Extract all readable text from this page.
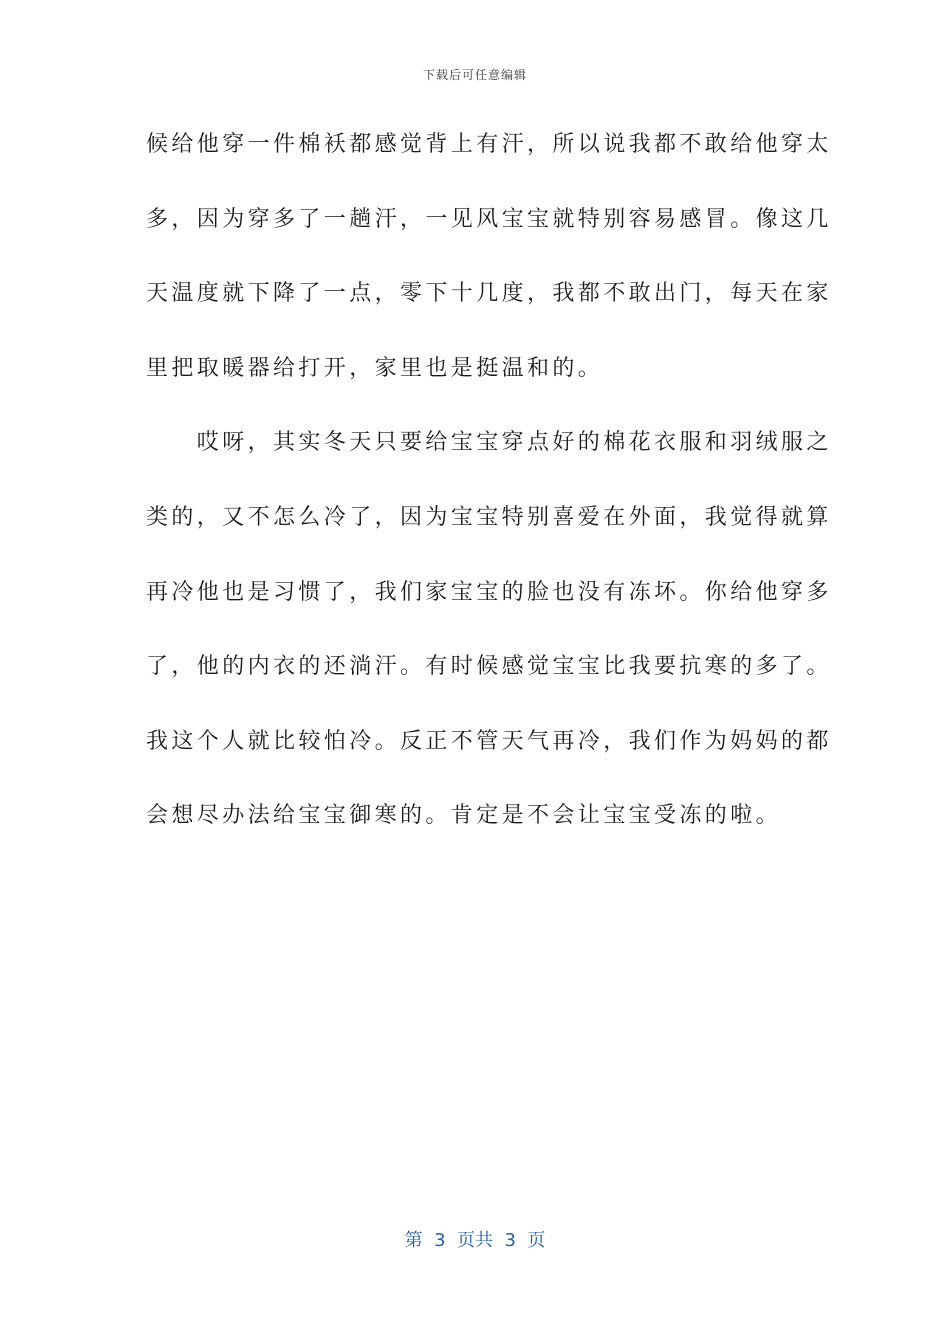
下载后可任意编辑
候给他穿一件棉袄都感觉背上有汗，所以说我都不敢给他穿太
多，因为穿多了一趟汗，一见风宝宝就特别容易感冒。像这几
天温度就下降了一点，零下十几度，我都不敢出门，每天在家
里把取暖器给打开，家里也是挺温和的。
　　哎呀，其实冬天只要给宝宝穿点好的棉花衣服和羽绒服之
类的，又不怎么冷了，因为宝宝特别喜爱在外面，我觉得就算
再冷他也是习惯了，我们家宝宝的脸也没有冻坏。你给他穿多
了，他的内衣的还淌汗。有时候感觉宝宝比我要抗寒的多了。
我这个人就比较怕冷。反正不管天气再冷，我们作为妈妈的都
会想尽办法给宝宝御寒的。肯定是不会让宝宝受冻的啦。
第  3  页共  3  页
